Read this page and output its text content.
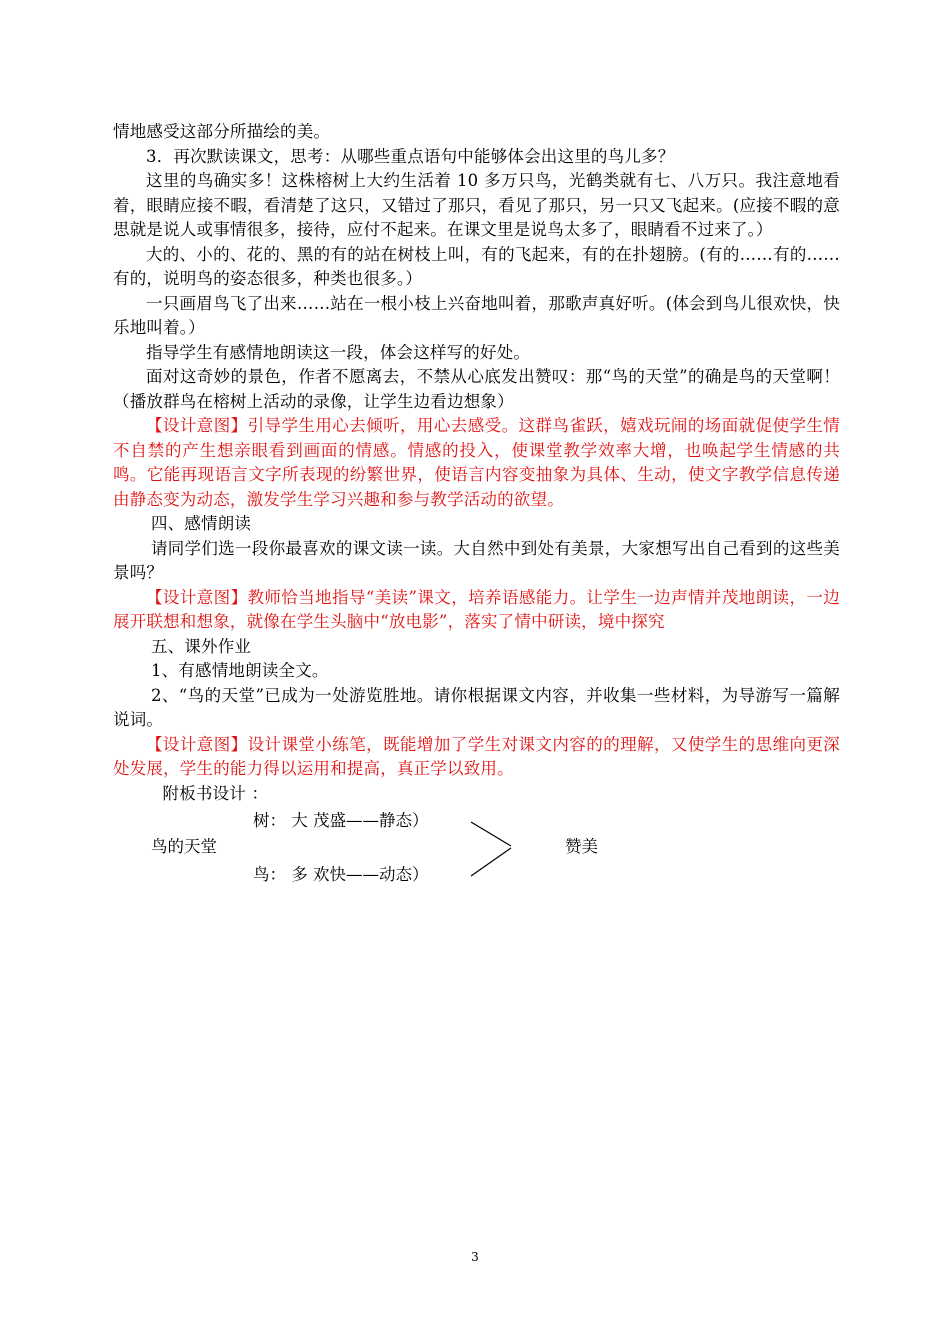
情地感受这部分所描绘的美。

3．再次默读课文，思考：从哪些重点语句中能够体会出这里的鸟儿多？

这里的鸟确实多！这株榕树上大约生活着 10 多万只鸟，光鹤类就有七、八万只。我注意地看着，眼睛应接不暇，看清楚了这只，又错过了那只，看见了那只，另一只又飞起来。(应接不暇的意思就是说人或事情很多，接待，应付不起来。在课文里是说鸟太多了，眼睛看不过来了。）

大的、小的、花的、黑的有的站在树枝上叫，有的飞起来，有的在扑翅膀。(有的……有的……有的，说明鸟的姿态很多，种类也很多。）

一只画眉鸟飞了出来……站在一根小枝上兴奋地叫着，那歌声真好听。(体会到鸟儿很欢快，快乐地叫着。）

指导学生有感情地朗读这一段，体会这样写的好处。

面对这奇妙的景色，作者不愿离去，不禁从心底发出赞叹：那“鸟的天堂”的确是鸟的天堂啊！（播放群鸟在榕树上活动的录像，让学生边看边想象）

【设计意图】引导学生用心去倾听，用心去感受。这群鸟雀跃，嬉戏玩闹的场面就促使学生情不自禁的产生想亲眼看到画面的情感。情感的投入，使课堂教学效率大增，也唤起学生情感的共鸣。它能再现语言文字所表现的纷繁世界，使语言内容变抽象为具体、生动，使文字教学信息传递由静态变为动态，激发学生学习兴趣和参与教学活动的欲望。

四、感情朗读

请同学们选一段你最喜欢的课文读一读。大自然中到处有美景，大家想写出自己看到的这些美景吗？

【设计意图】教师恰当地指导“美读”课文，培养语感能力。让学生一边声情并茂地朗读，一边展开联想和想象，就像在学生头脑中“放电影”，落实了情中研读，境中探究

五、课外作业

1、有感情地朗读全文。

2、“鸟的天堂”已成为一处游览胜地。请你根据课文内容，并收集一些材料，为导游写一篇解说词。

【设计意图】设计课堂小练笔，既能增加了学生对课文内容的的理解，又使学生的思维向更深处发展，学生的能力得以运用和提高，真正学以致用。

附板书设计 ：

树： 大 茂盛——静态）
鸟的天堂
鸟： 多 欢快——动态）
赞美
3
